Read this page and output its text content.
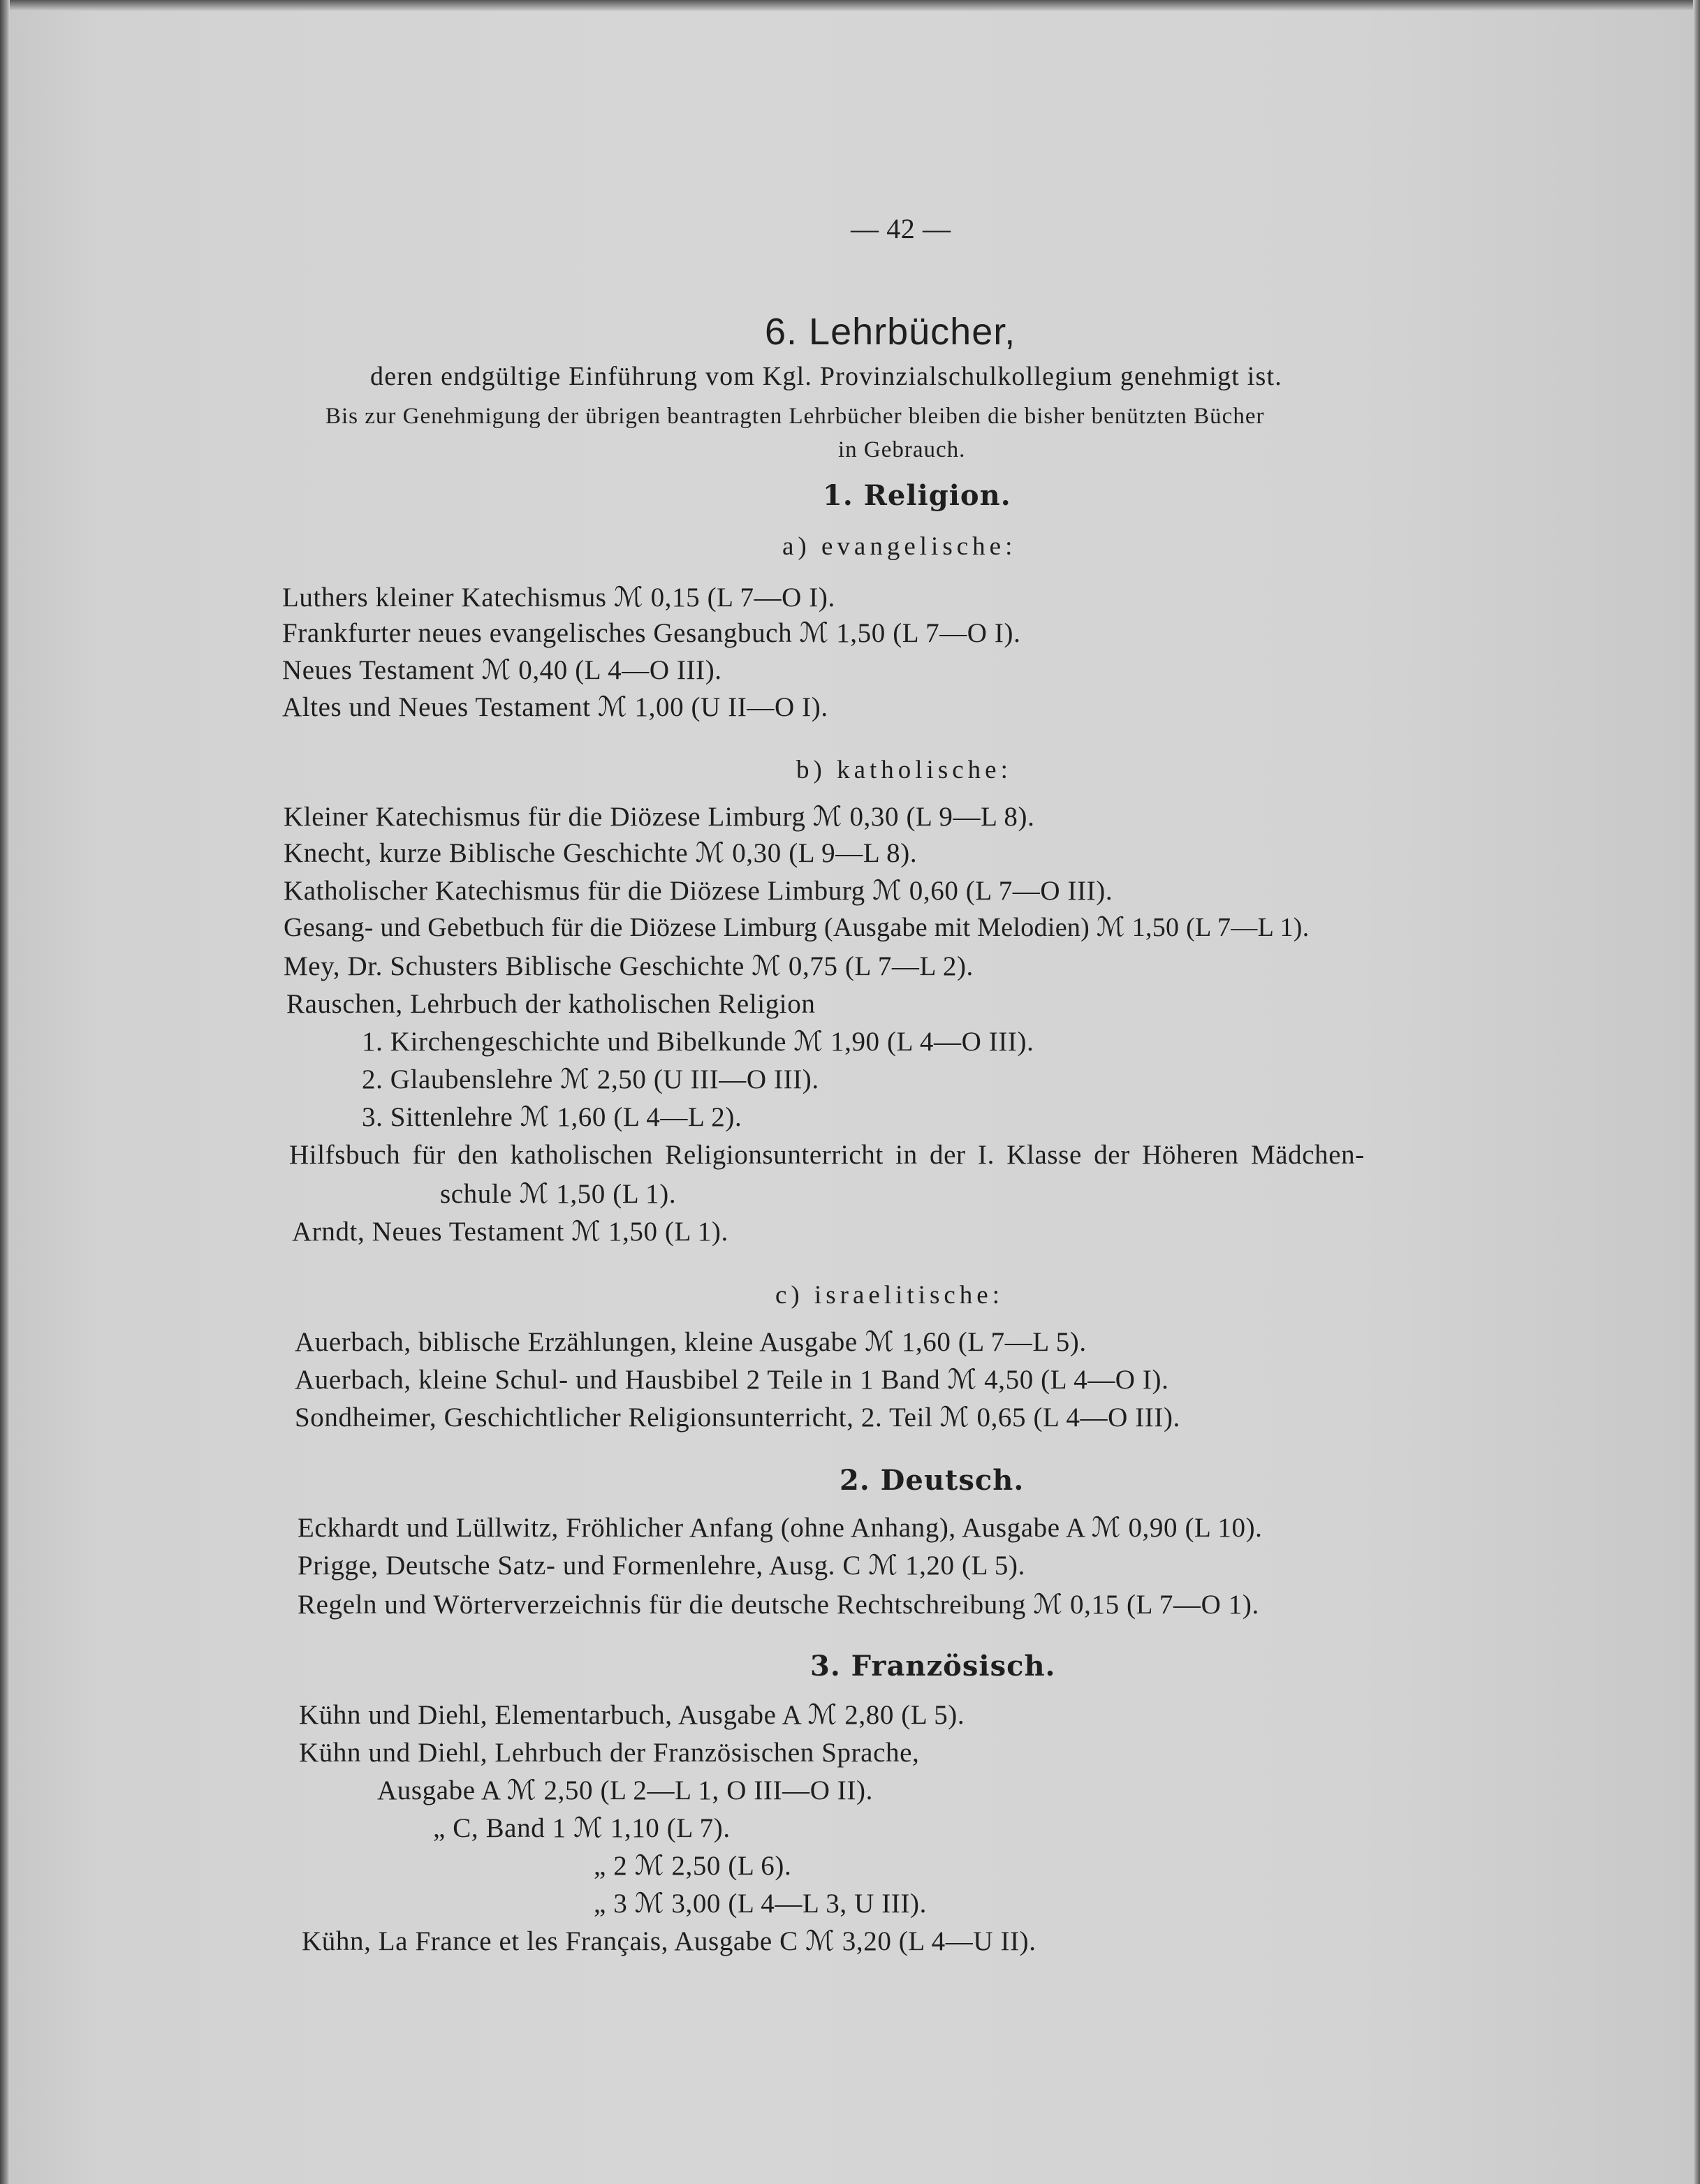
— 42 —
6. Lehrbücher,
deren endgültige Einführung vom Kgl. Provinzialschulkollegium genehmigt ist.
Bis zur Genehmigung der übrigen beantragten Lehrbücher bleiben die bisher benützten Bücher
in Gebrauch.
1. Religion.
a) evangelische:
Luthers kleiner Katechismus ℳ 0,15 (L 7—O I).
Frankfurter neues evangelisches Gesangbuch ℳ 1,50 (L 7—O I).
Neues Testament ℳ 0,40 (L 4—O III).
Altes und Neues Testament ℳ 1,00 (U II—O I).
b) katholische:
Kleiner Katechismus für die Diözese Limburg ℳ 0,30 (L 9—L 8).
Knecht, kurze Biblische Geschichte ℳ 0,30 (L 9—L 8).
Katholischer Katechismus für die Diözese Limburg ℳ 0,60 (L 7—O III).
Gesang- und Gebetbuch für die Diözese Limburg (Ausgabe mit Melodien) ℳ 1,50 (L 7—L 1).
Mey, Dr. Schusters Biblische Geschichte ℳ 0,75 (L 7—L 2).
Rauschen, Lehrbuch der katholischen Religion
1. Kirchengeschichte und Bibelkunde ℳ 1,90 (L 4—O III).
2. Glaubenslehre ℳ 2,50 (U III—O III).
3. Sittenlehre ℳ 1,60 (L 4—L 2).
Hilfsbuch für den katholischen Religionsunterricht in der I. Klasse der Höheren Mädchen-
schule ℳ 1,50 (L 1).
Arndt, Neues Testament ℳ 1,50 (L 1).
c) israelitische:
Auerbach, biblische Erzählungen, kleine Ausgabe ℳ 1,60 (L 7—L 5).
Auerbach, kleine Schul- und Hausbibel 2 Teile in 1 Band ℳ 4,50 (L 4—O I).
Sondheimer, Geschichtlicher Religionsunterricht, 2. Teil ℳ 0,65 (L 4—O III).
2. Deutsch.
Eckhardt und Lüllwitz, Fröhlicher Anfang (ohne Anhang), Ausgabe A ℳ 0,90 (L 10).
Prigge, Deutsche Satz- und Formenlehre, Ausg. C ℳ 1,20 (L 5).
Regeln und Wörterverzeichnis für die deutsche Rechtschreibung ℳ 0,15 (L 7—O 1).
3. Französisch.
Kühn und Diehl, Elementarbuch, Ausgabe A ℳ 2,80 (L 5).
Kühn und Diehl, Lehrbuch der Französischen Sprache,
Ausgabe A ℳ 2,50 (L 2—L 1, O III—O II).
„ C, Band 1 ℳ 1,10 (L 7).
„ 2 ℳ 2,50 (L 6).
„ 3 ℳ 3,00 (L 4—L 3, U III).
Kühn, La France et les Français, Ausgabe C ℳ 3,20 (L 4—U II).
